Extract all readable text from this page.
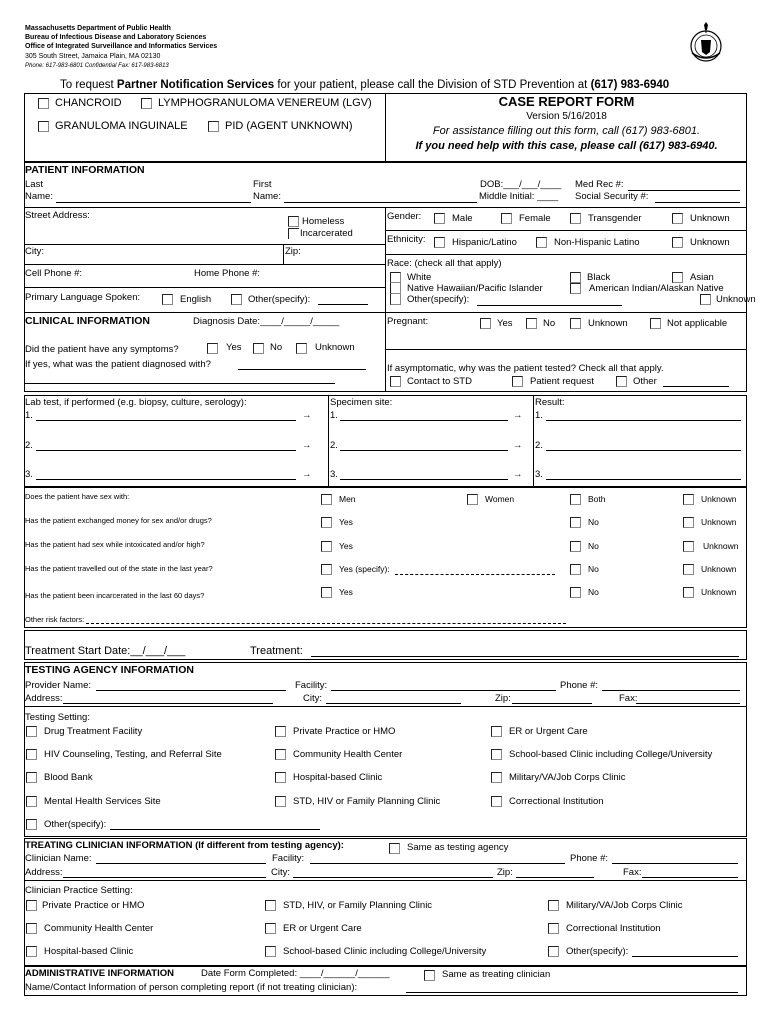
Massachusetts Department of Public Health
Bureau of Infectious Disease and Laboratory Sciences
Office of Integrated Surveillance and Informatics Services
305 South Street, Jamaica Plain, MA 02130
Phone: 617-983-6801 Confidential Fax: 617-983-6813
To request Partner Notification Services for your patient, please call the Division of STD Prevention at (617) 983-6940
CHANCROID	LYMPHOGRANULOMA VENEREUM (LGV)
GRANULOMA INGUINALE	PID (AGENT UNKNOWN)
CASE REPORT FORM
Version 5/16/2018
For assistance filling out this form, call (617) 983-6801.
If you need help with this case, please call (617) 983-6940.
PATIENT INFORMATION
Last
Name:
First
Name:
DOB:___/___/____ Med Rec #:
Middle Initial: ____ Social Security #:
Street Address:
Homeless
Incarcerated
City:	Zip:
Cell Phone #:	Home Phone #:
Primary Language Spoken:	English	Other(specify):
Gender:	Male	Female	Transgender	Unknown
Ethnicity:	Hispanic/Latino	Non-Hispanic Latino	Unknown
Race: (check all that apply)
White	Black	Asian
Native Hawaiian/Pacific Islander	American Indian/Alaskan Native
Other(specify):	Unknown
CLINICAL INFORMATION	Diagnosis Date:____/_____/_____
Did the patient have any symptoms?	Yes	No	Unknown
If yes, what was the patient diagnosed with?
Pregnant:	Yes	No	Unknown	Not applicable
If asymptomatic, why was the patient tested? Check all that apply.
Contact to STD	Patient request	Other
Lab test, if performed (e.g. biopsy, culture, serology):	Specimen site:	Result:
1.	→ 1.	→ 1.
2.	→ 2.	→ 2.
3.	→ 3.	→ 3.
Does the patient have sex with:	Men	Women	Both	Unknown
Has the patient exchanged money for sex and/or drugs?	Yes	No	Unknown
Has the patient had sex while intoxicated and/or high?	Yes	No	Unknown
Has the patient travelled out of the state in the last year?	Yes (specify):	No	Unknown
Has the patient been incarcerated in the last 60 days?	Yes	No	Unknown
Other risk factors:
Treatment Start Date:__/___/___	Treatment:
TESTING AGENCY INFORMATION
Provider Name:	Facility:	Phone #:
Address:	City:	Zip:	Fax:
Testing Setting:
Drug Treatment Facility	Private Practice or HMO	ER or Urgent Care
HIV Counseling, Testing, and Referral Site	Community Health Center	School-based Clinic including College/University
Blood Bank	Hospital-based Clinic	Military/VA/Job Corps Clinic
Mental Health Services Site	STD, HIV or Family Planning Clinic	Correctional Institution
Other(specify):
TREATING CLINICIAN INFORMATION (If different from testing agency):	Same as testing agency
Clinician Name:	Facility:	Phone #:
Address:	City:	Zip:	Fax:
Clinician Practice Setting:
Private Practice or HMO	STD, HIV, or Family Planning Clinic	Military/VA/Job Corps Clinic
Community Health Center	ER or Urgent Care	Correctional Institution
Hospital-based Clinic	School-based Clinic including College/University	Other(specify):
ADMINISTRATIVE INFORMATION	Date Form Completed: ____/______/______	Same as treating clinician
Name/Contact Information of person completing report (if not treating clinician):
